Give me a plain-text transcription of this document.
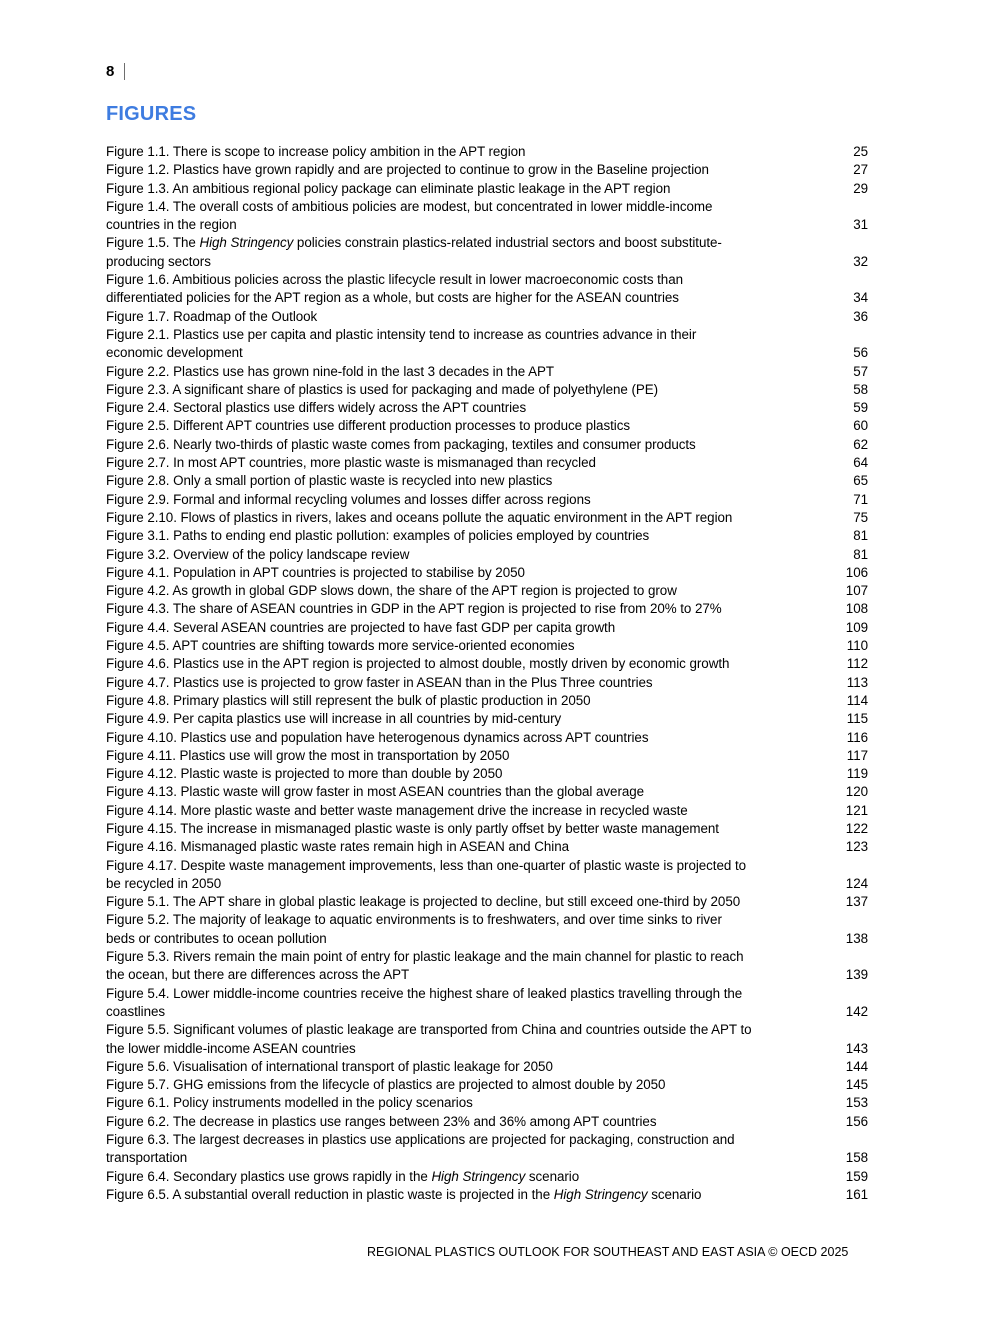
8
FIGURES
Figure 1.1. There is scope to increase policy ambition in the APT region	25
Figure 1.2. Plastics have grown rapidly and are projected to continue to grow in the Baseline projection	27
Figure 1.3. An ambitious regional policy package can eliminate plastic leakage in the APT region	29
Figure 1.4. The overall costs of ambitious policies are modest, but concentrated in lower middle-income
countries in the region	31
Figure 1.5. The High Stringency policies constrain plastics-related industrial sectors and boost substitute-
producing sectors	32
Figure 1.6. Ambitious policies across the plastic lifecycle result in lower macroeconomic costs than
differentiated policies for the APT region as a whole, but costs are higher for the ASEAN countries	34
Figure 1.7. Roadmap of the Outlook	36
Figure 2.1. Plastics use per capita and plastic intensity tend to increase as countries advance in their
economic development	56
Figure 2.2. Plastics use has grown nine-fold in the last 3 decades in the APT	57
Figure 2.3. A significant share of plastics is used for packaging and made of polyethylene (PE)	58
Figure 2.4. Sectoral plastics use differs widely across the APT countries	59
Figure 2.5. Different APT countries use different production processes to produce plastics	60
Figure 2.6. Nearly two-thirds of plastic waste comes from packaging, textiles and consumer products	62
Figure 2.7. In most APT countries, more plastic waste is mismanaged than recycled	64
Figure 2.8. Only a small portion of plastic waste is recycled into new plastics	65
Figure 2.9. Formal and informal recycling volumes and losses differ across regions	71
Figure 2.10. Flows of plastics in rivers, lakes and oceans pollute the aquatic environment in the APT region	75
Figure 3.1. Paths to ending end plastic pollution: examples of policies employed by countries	81
Figure 3.2. Overview of the policy landscape review	81
Figure 4.1. Population in APT countries is projected to stabilise by 2050	106
Figure 4.2. As growth in global GDP slows down, the share of the APT region is projected to grow	107
Figure 4.3. The share of ASEAN countries in GDP in the APT region is projected to rise from 20% to 27%	108
Figure 4.4. Several ASEAN countries are projected to have fast GDP per capita growth	109
Figure 4.5. APT countries are shifting towards more service-oriented economies	110
Figure 4.6. Plastics use in the APT region is projected to almost double, mostly driven by economic growth	112
Figure 4.7. Plastics use is projected to grow faster in ASEAN than in the Plus Three countries	113
Figure 4.8. Primary plastics will still represent the bulk of plastic production in 2050	114
Figure 4.9. Per capita plastics use will increase in all countries by mid-century	115
Figure 4.10. Plastics use and population have heterogenous dynamics across APT countries	116
Figure 4.11. Plastics use will grow the most in transportation by 2050	117
Figure 4.12. Plastic waste is projected to more than double by 2050	119
Figure 4.13. Plastic waste will grow faster in most ASEAN countries than the global average	120
Figure 4.14. More plastic waste and better waste management drive the increase in recycled waste	121
Figure 4.15. The increase in mismanaged plastic waste is only partly offset by better waste management	122
Figure 4.16. Mismanaged plastic waste rates remain high in ASEAN and China	123
Figure 4.17. Despite waste management improvements, less than one-quarter of plastic waste is projected to
be recycled in 2050	124
Figure 5.1. The APT share in global plastic leakage is projected to decline, but still exceed one-third by 2050	137
Figure 5.2. The majority of leakage to aquatic environments is to freshwaters, and over time sinks to river
beds or contributes to ocean pollution	138
Figure 5.3. Rivers remain the main point of entry for plastic leakage and the main channel for plastic to reach
the ocean, but there are differences across the APT	139
Figure 5.4. Lower middle-income countries receive the highest share of leaked plastics travelling through the
coastlines	142
Figure 5.5. Significant volumes of plastic leakage are transported from China and countries outside the APT to
the lower middle-income ASEAN countries	143
Figure 5.6. Visualisation of international transport of plastic leakage for 2050	144
Figure 5.7. GHG emissions from the lifecycle of plastics are projected to almost double by 2050	145
Figure 6.1. Policy instruments modelled in the policy scenarios	153
Figure 6.2. The decrease in plastics use ranges between 23% and 36% among APT countries	156
Figure 6.3. The largest decreases in plastics use applications are projected for packaging, construction and
transportation	158
Figure 6.4. Secondary plastics use grows rapidly in the High Stringency scenario	159
Figure 6.5. A substantial overall reduction in plastic waste is projected in the High Stringency scenario	161
REGIONAL PLASTICS OUTLOOK FOR SOUTHEAST AND EAST ASIA © OECD 2025
